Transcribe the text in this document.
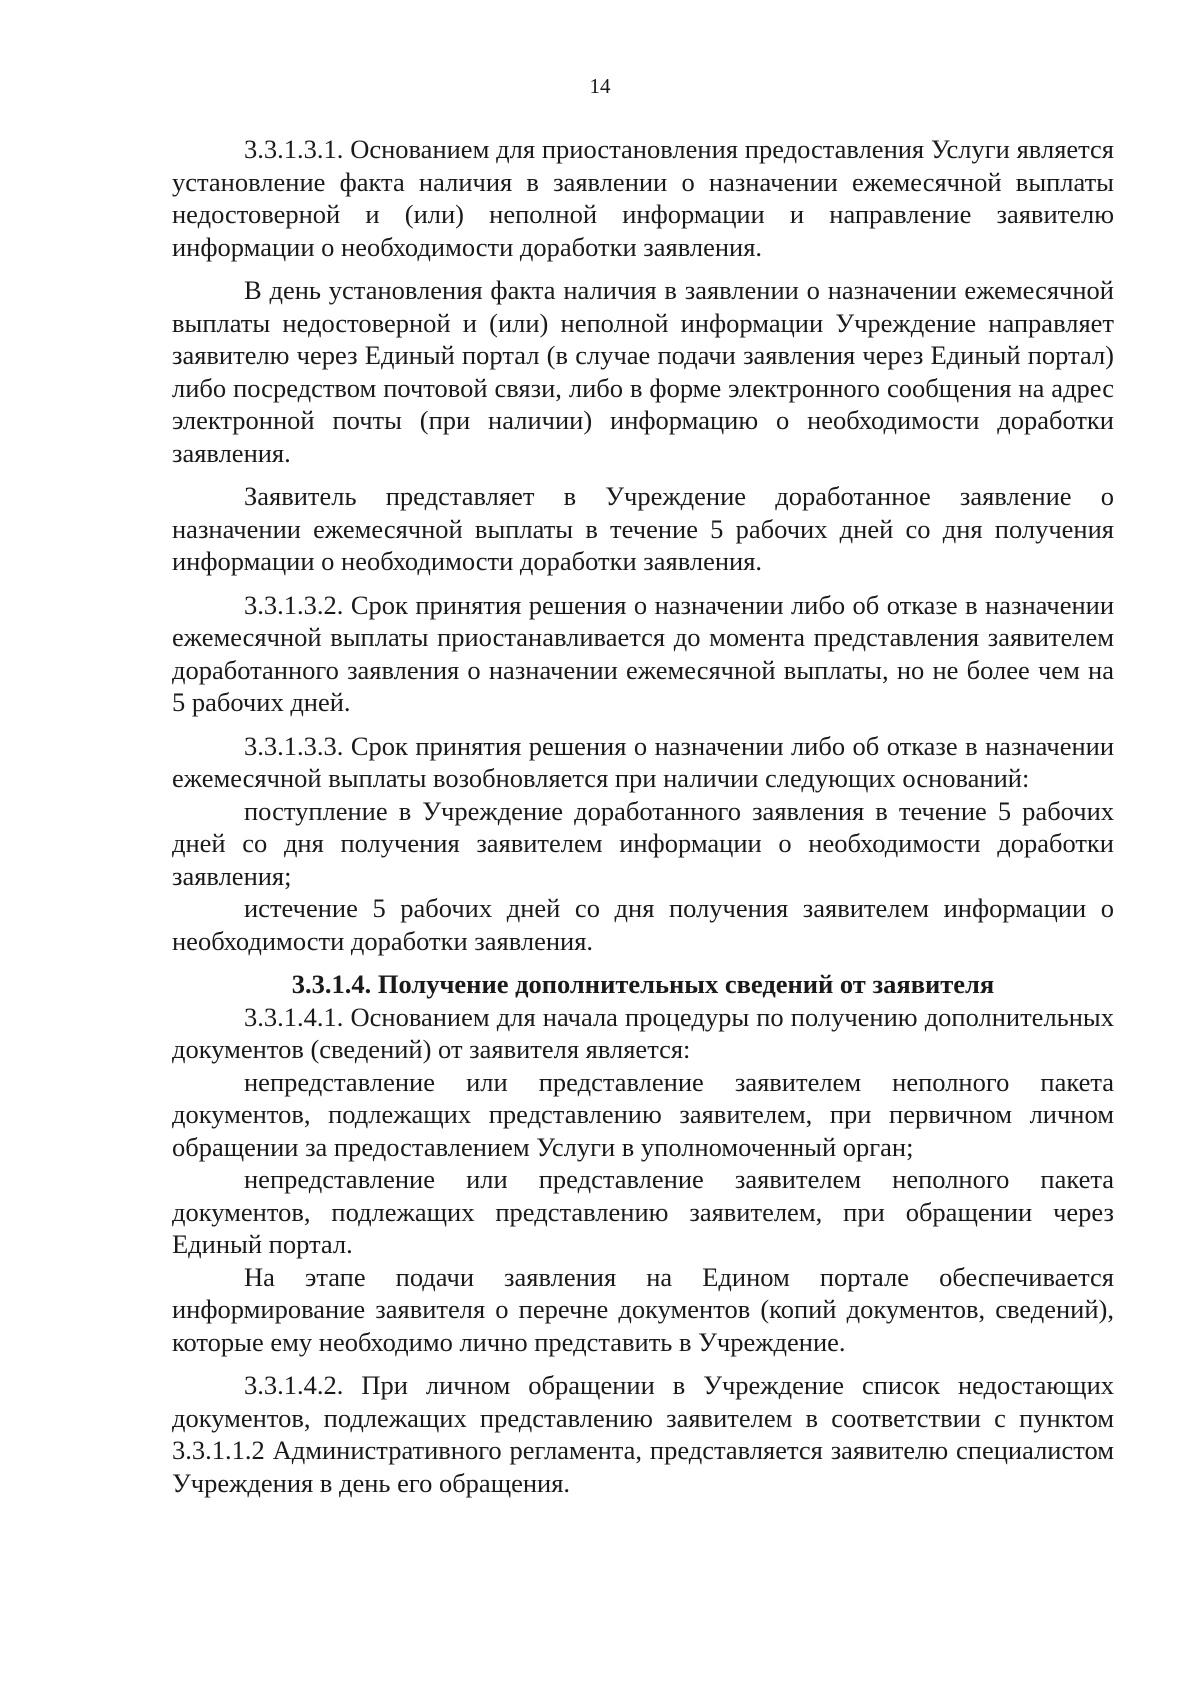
14

3.3.1.3.1. Основанием для приостановления предоставления Услуги является установление факта наличия в заявлении о назначении ежемесячной выплаты недостоверной и (или) неполной информации и направление заявителю информации о необходимости доработки заявления.

В день установления факта наличия в заявлении о назначении ежемесячной выплаты недостоверной и (или) неполной информации Учреждение направляет заявителю через Единый портал (в случае подачи заявления через Единый портал) либо посредством почтовой связи, либо в форме электронного сообщения на адрес электронной почты (при наличии) информацию о необходимости доработки заявления.

Заявитель представляет в Учреждение доработанное заявление о назначении ежемесячной выплаты в течение 5 рабочих дней со дня получения информации о необходимости доработки заявления.

3.3.1.3.2. Срок принятия решения о назначении либо об отказе в назначении ежемесячной выплаты приостанавливается до момента представления заявителем доработанного заявления о назначении ежемесячной выплаты, но не более чем на 5 рабочих дней.

3.3.1.3.3. Срок принятия решения о назначении либо об отказе в назначении ежемесячной выплаты возобновляется при наличии следующих оснований:

поступление в Учреждение доработанного заявления в течение 5 рабочих дней со дня получения заявителем информации о необходимости доработки заявления;

истечение 5 рабочих дней со дня получения заявителем информации о необходимости доработки заявления.

3.3.1.4. Получение дополнительных сведений от заявителя

3.3.1.4.1. Основанием для начала процедуры по получению дополнительных документов (сведений) от заявителя является:

непредставление или представление заявителем неполного пакета документов, подлежащих представлению заявителем, при первичном личном обращении за предоставлением Услуги в уполномоченный орган;

непредставление или представление заявителем неполного пакета документов, подлежащих представлению заявителем, при обращении через Единый портал.

На этапе подачи заявления на Едином портале обеспечивается информирование заявителя о перечне документов (копий документов, сведений), которые ему необходимо лично представить в Учреждение.

3.3.1.4.2. При личном обращении в Учреждение список недостающих документов, подлежащих представлению заявителем в соответствии с пунктом 3.3.1.1.2 Административного регламента, представляется заявителю специалистом Учреждения в день его обращения.
